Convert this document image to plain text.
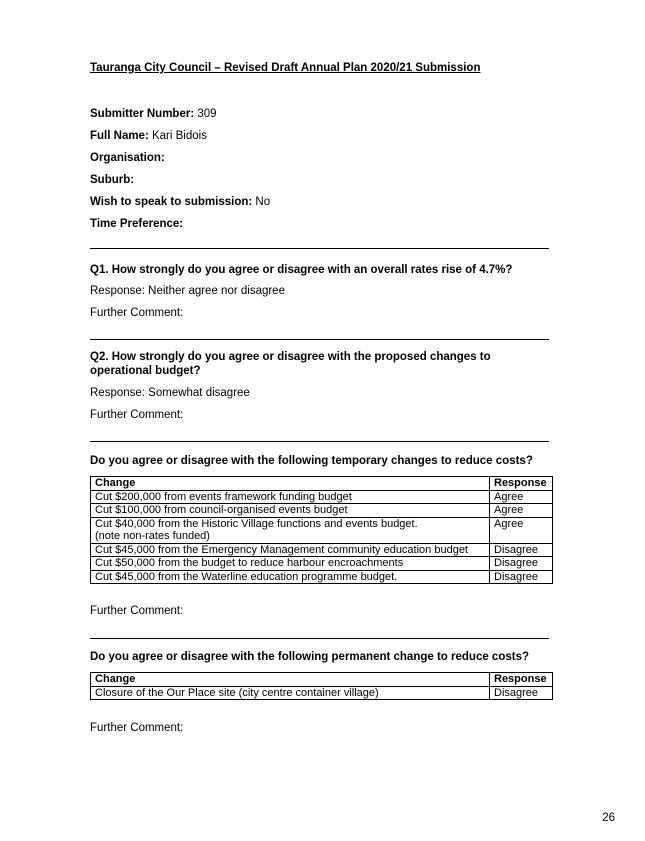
Tauranga City Council – Revised Draft Annual Plan 2020/21 Submission
Submitter Number: 309
Full Name: Kari Bidois
Organisation:
Suburb:
Wish to speak to submission: No
Time Preference:
Q1. How strongly do you agree or disagree with an overall rates rise of 4.7%?
Response: Neither agree nor disagree
Further Comment:
Q2. How strongly do you agree or disagree with the proposed changes to operational budget?
Response: Somewhat disagree
Further Comment:
Do you agree or disagree with the following temporary changes to reduce costs?
Change	Response
Cut $200,000 from events framework funding budget	Agree
Cut $100,000 from council-organised events budget	Agree
Cut $40,000 from the Historic Village functions and events budget.
(note non-rates funded)	Agree
Cut $45,000 from the Emergency Management community education budget	Disagree
Cut $50,000 from the budget to reduce harbour encroachments	Disagree
Cut $45,000 from the Waterline education programme budget.	Disagree
Further Comment:
Do you agree or disagree with the following permanent change to reduce costs?
Change	Response
Closure of the Our Place site (city centre container village)	Disagree
Further Comment:
26
